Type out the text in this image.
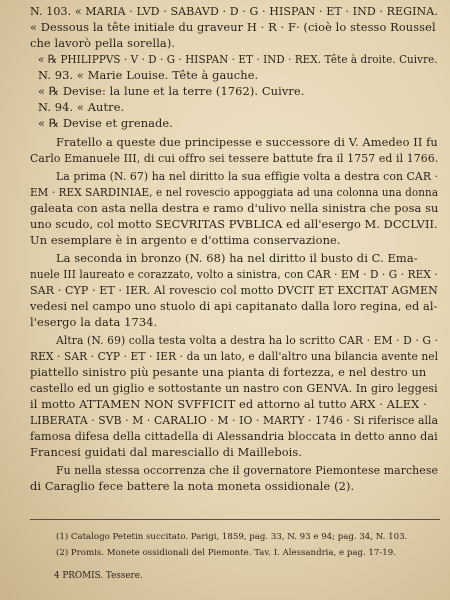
N. 103. « MARIA · LVD · SABAVD · D · G · HISPAN · ET · IND · REGINA.
« Dessous la tête initiale du graveur H · R · F· (cioè lo stesso Roussel
che lavorò pella sorella).
« ℞ PHILIPPVS · V · D · G · HISPAN · ET · IND · REX. Tête à droite. Cuivre.
N. 93. « Marie Louise. Tête à gauche.
« ℞ Devise: la lune et la terre (1762). Cuivre.
N. 94. « Autre.
« ℞ Devise et grenade.
Fratello a queste due principesse e successore di V. Amedeo II fu
Carlo Emanuele III, di cui offro sei tessere battute fra il 1757 ed il 1766.
La prima (N. 67) ha nel diritto la sua effigie volta a destra con CAR ·
EM · REX SARDINIAE, e nel rovescio appoggiata ad una colonna una donna
galeata con asta nella destra e ramo d'ulivo nella sinistra che posa su
uno scudo, col motto SECVRITAS PVBLICA ed all'esergo M. DCCLVII.
Un esemplare è in argento e d'ottima conservazione.
La seconda in bronzo (N. 68) ha nel diritto il busto di C. Ema-
nuele III laureato e corazzato, volto a sinistra, con CAR · EM · D · G · REX ·
SAR · CYP · ET · IER. Al rovescio col motto DVCIT ET EXCITAT AGMEN
vedesi nel campo uno stuolo di api capitanato dalla loro regina, ed al-
l'esergo la data 1734.
Altra (N. 69) colla testa volta a destra ha lo scritto CAR · EM · D · G ·
REX · SAR · CYP · ET · IER · da un lato, e dall'altro una bilancia avente nel
piattello sinistro più pesante una pianta di fortezza, e nel destro un
castello ed un giglio e sottostante un nastro con GENVA. In giro leggesi
il motto ATTAMEN NON SVFFICIT ed attorno al tutto ARX · ALEX ·
LIBERATA · SVB · M · CARALIO · M · IO · MARTY · 1746 · Si riferisce alla
famosa difesa della cittadella di Alessandria bloccata in detto anno dai
Francesi guidati dal maresciallo di Maillebois.
Fu nella stessa occorrenza che il governatore Piemontese marchese
di Caraglio fece battere la nota moneta ossidionale (2).
(1) Catalogo Petetin succitato. Parigi, 1859, pag. 33, N. 93 e 94; pag. 34, N. 103.
(2) Promis. Monete ossidionali del Piemonte. Tav. I. Alessandria, e pag. 17-19.
4 PROMIS. Tessere.
